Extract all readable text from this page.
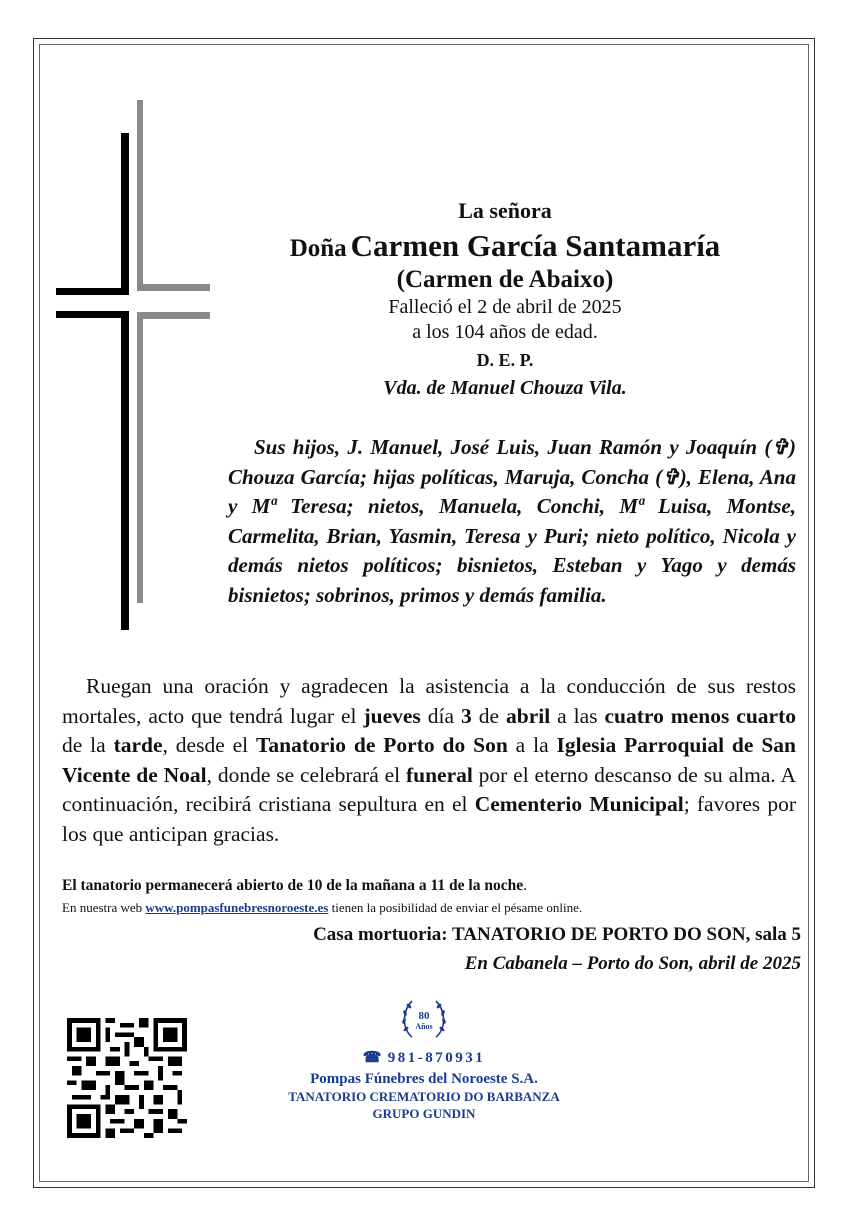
La señora
Doña Carmen García Santamaría
(Carmen de Abaixo)
Falleció el 2 de abril de 2025
a los 104 años de edad.
D. E. P.
Vda. de Manuel Chouza Vila.
Sus hijos, J. Manuel, José Luis, Juan Ramón y Joaquín (✞) Chouza García; hijas políticas, Maruja, Concha (✞), Elena, Ana y Mª Teresa; nietos, Manuela, Conchi, Mª Luisa, Montse, Carmelita, Brian, Yasmin, Teresa y Puri; nieto político, Nicola y demás nietos políticos; bisnietos, Esteban y Yago y demás bisnietos; sobrinos, primos y demás familia.
Ruegan una oración y agradecen la asistencia a la conducción de sus restos mortales, acto que tendrá lugar el jueves día 3 de abril a las cuatro menos cuarto de la tarde, desde el Tanatorio de Porto do Son a la Iglesia Parroquial de San Vicente de Noal, donde se celebrará el funeral por el eterno descanso de su alma. A continuación, recibirá cristiana sepultura en el Cementerio Municipal; favores por los que anticipan gracias.
El tanatorio permanecerá abierto de 10 de la mañana a 11 de la noche.
En nuestra web www.pompasfunebresnoroeste.es tienen la posibilidad de enviar el pésame online.
Casa mortuoria: TANATORIO DE PORTO DO SON, sala 5
En Cabanela – Porto do Son, abril de 2025
80
Años
☎ 981-870931
Pompas Fúnebres del Noroeste S.A.
TANATORIO CREMATORIO DO BARBANZA
GRUPO GUNDIN
